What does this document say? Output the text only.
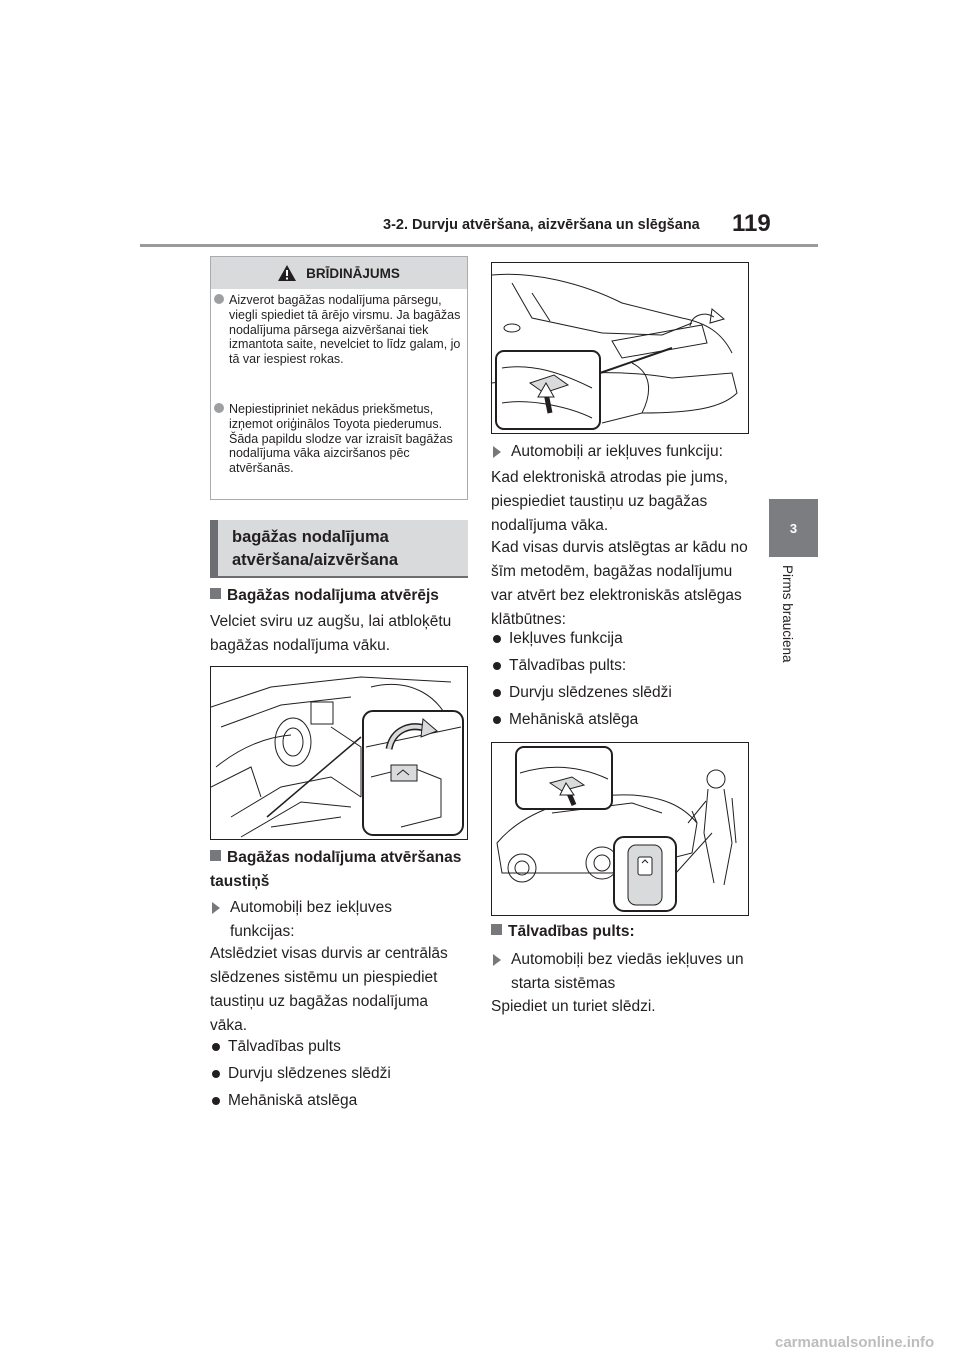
3-2. Durvju atvēršana, aizvēršana un slēgšana 119
3
Pirms brauciena
BRĪDINĀJUMS
Aizverot bagāžas nodalījuma pārsegu, viegli spiediet tā ārējo virsmu. Ja bagāžas nodalījuma pārsega aizvēršanai tiek izmantota saite, nevelciet to līdz galam, jo tā var iespiest rokas.
Nepiestipriniet nekādus priekšmetus, izņemot oriģinālos Toyota piederumus. Šāda papildu slodze var izraisīt bagāžas nodalījuma vāka aizciršanos pēc atvēršanās.
bagāžas nodalījuma
atvēršana/aizvēršana
Bagāžas nodalījuma atvērējs
Velciet sviru uz augšu, lai atbloķētu bagāžas nodalījuma vāku.
Bagāžas nodalījuma atvēršanas taustiņš
Automobiļi bez iekļuves funkcijas:
Atslēdziet visas durvis ar centrālās slēdzenes sistēmu un piespiediet taustiņu uz bagāžas nodalījuma vāka.
Tālvadības pults
Durvju slēdzenes slēdži
Mehāniskā atslēga
Automobiļi ar iekļuves funkciju:
Kad elektroniskā atrodas pie jums, piespiediet taustiņu uz bagāžas nodalījuma vāka.
Kad visas durvis atslēgtas ar kādu no šīm metodēm, bagāžas nodalījumu var atvērt bez elektroniskās atslēgas klātbūtnes:
Iekļuves funkcija
Tālvadības pults:
Durvju slēdzenes slēdži
Mehāniskā atslēga
Tālvadības pults:
Automobiļi bez viedās iekļuves un starta sistēmas
Spiediet un turiet slēdzi.
carmanualsonline.info
